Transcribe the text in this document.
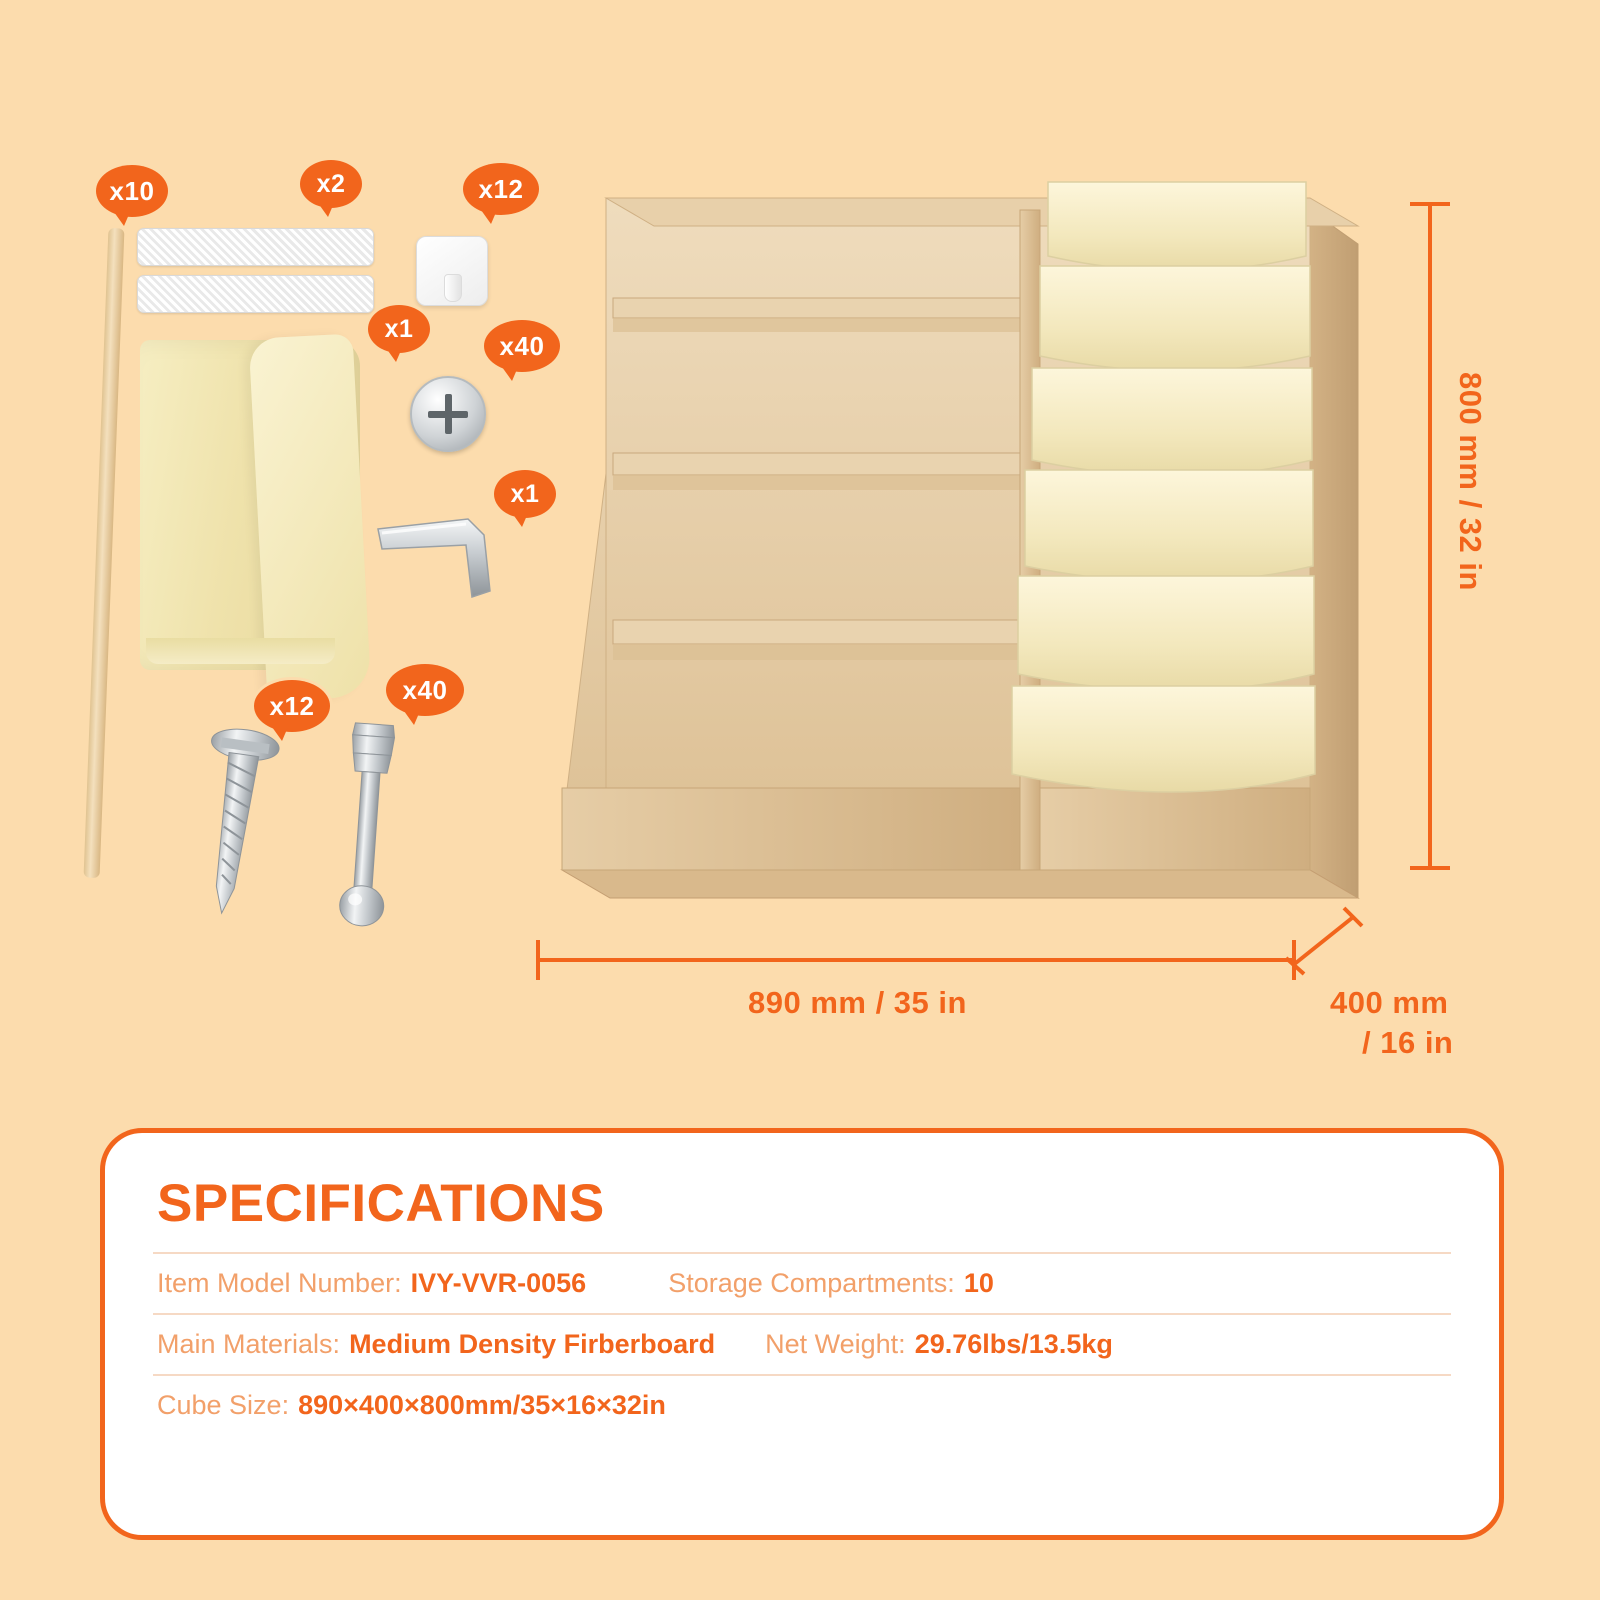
x10	x2	x12
x1
x40
x1
x12
x40
800 mm / 32 in
890 mm / 35 in	400 mm
/ 16 in
SPECIFICATIONS
Item Model Number: IVY-VVR-0056	Storage Compartments: 10
Main Materials: Medium Density Firberboard Net Weight: 29.76lbs/13.5kg
Cube Size: 890×400×800mm/35×16×32in
